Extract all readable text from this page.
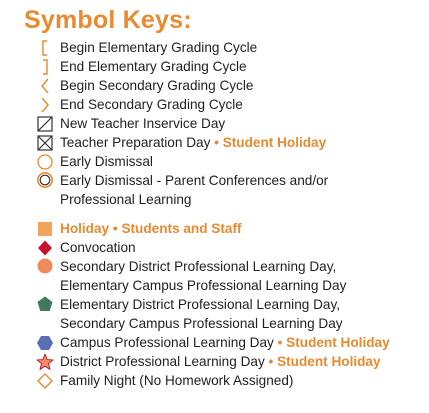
Symbol Keys:
Begin Elementary Grading Cycle
End Elementary Grading Cycle
Begin Secondary Grading Cycle
End Secondary Grading Cycle
New Teacher Inservice Day
Teacher Preparation Day • Student Holiday
Early Dismissal
Early Dismissal - Parent Conferences and/or
Professional Learning
Holiday • Students and Staff
Convocation
Secondary District Professional Learning Day,
Elementary Campus Professional Learning Day
Elementary District Professional Learning Day,
Secondary Campus Professional Learning Day
Campus Professional Learning Day • Student Holiday
District Professional Learning Day • Student Holiday
Family Night (No Homework Assigned)
